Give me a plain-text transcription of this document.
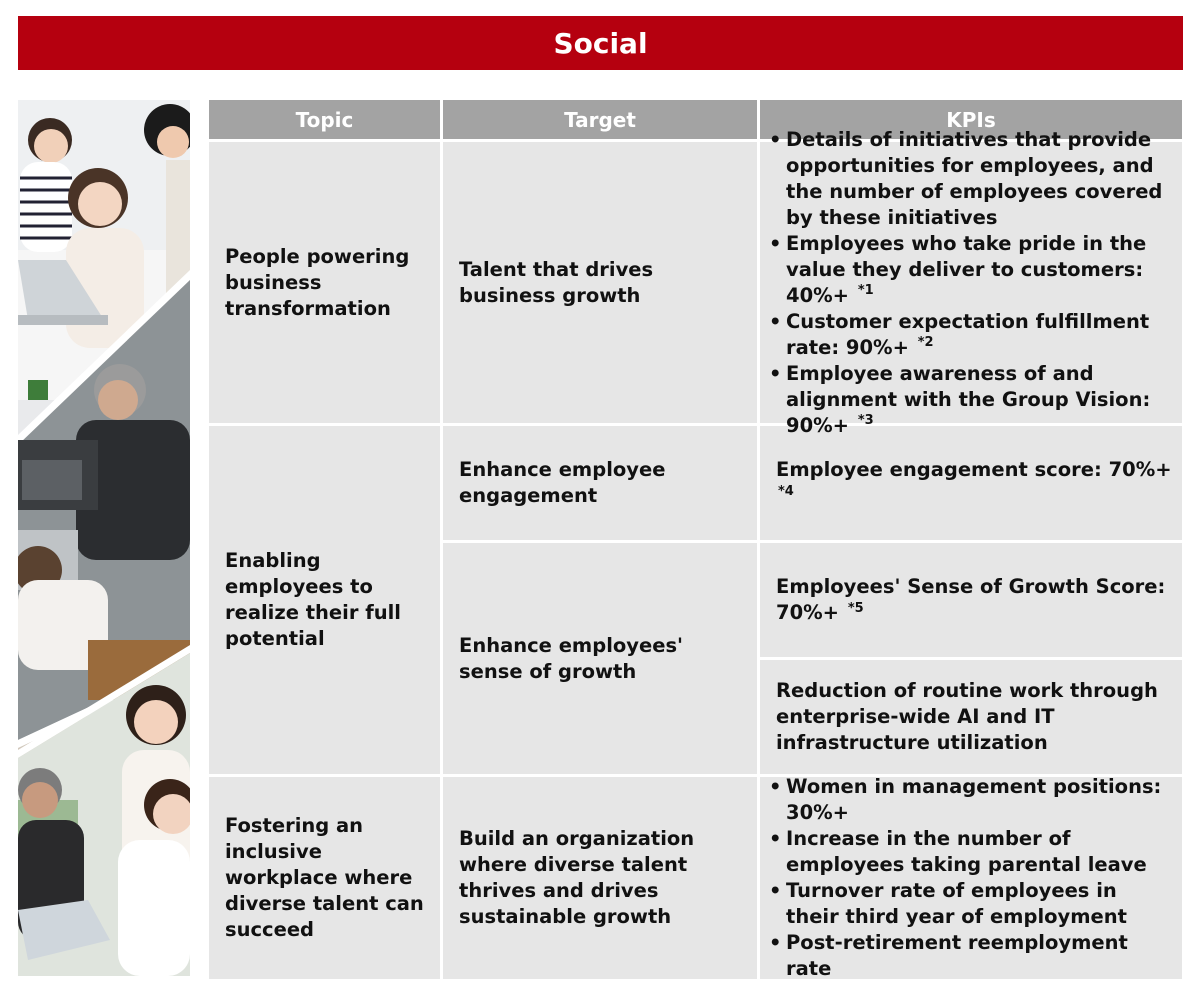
Social
Topic	Target	KPIs
People powering business transformation
Enabling employees to realize their full potential
Fostering an inclusive workplace where diverse talent can succeed
Talent that drives business growth
Enhance employee engagement
Enhance employees' sense of growth
Build an organization where diverse talent thrives and drives sustainable growth
• Details of initiatives that provide opportunities for employees, and the number of employees covered by these initiatives
• Employees who take pride in the value they deliver to customers: 40%+ $^{*1}$
• Customer expectation fulfillment rate: 90%+ $^{*2}$
• Employee awareness of and alignment with the Group Vision: 90%+ $^{*3}$
Employee engagement score: 70%+ $^{*4}$
Employees' Sense of Growth Score: 70%+ $^{*5}$
Reduction of routine work through enterprise-wide AI and IT infrastructure utilization
• Women in management positions: 30%+
• Increase in the number of employees taking parental leave
• Turnover rate of employees in their third year of employment
• Post-retirement reemployment rate
